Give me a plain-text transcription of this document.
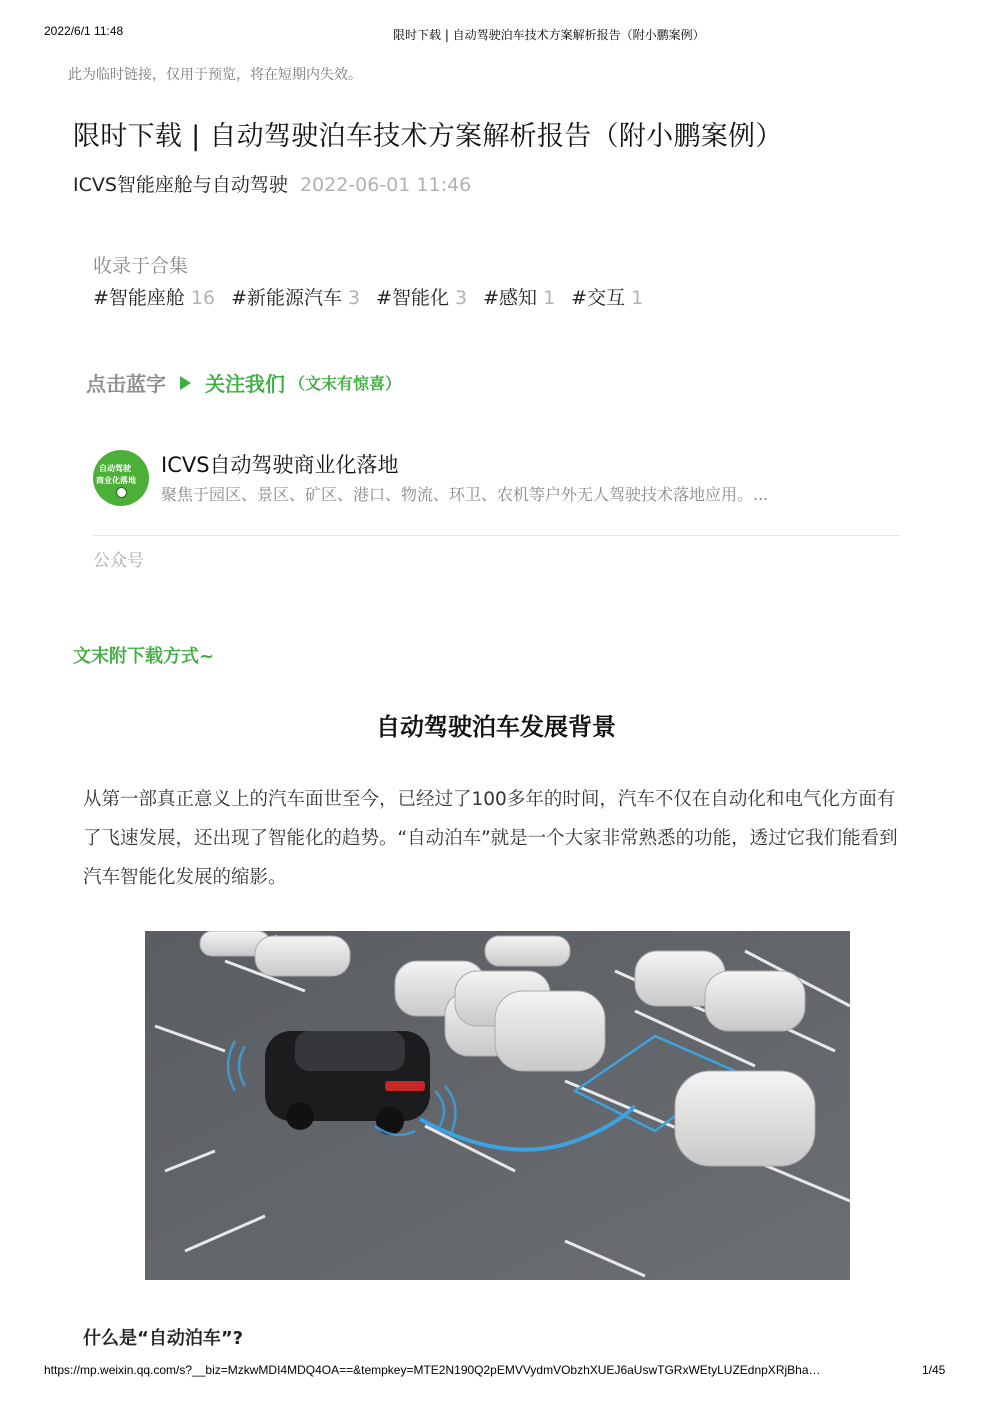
2022/6/1 11:48	限时下载 | 自动驾驶泊车技术方案解析报告（附小鹏案例）
此为临时链接，仅用于预览，将在短期内失效。
限时下载 | 自动驾驶泊车技术方案解析报告（附小鹏案例）
ICVS智能座舱与自动驾驶 2022-06-01 11:46
收录于合集
#智能座舱 16 #新能源汽车 3 #智能化 3 #感知 1 #交互 1
点击蓝字 关注我们 （文末有惊喜）
自动驾驶
商业化落地
ICVS自动驾驶商业化落地
聚焦于园区、景区、矿区、港口、物流、环卫、农机等户外无人驾驶技术落地应用。...
公众号
文末附下载方式~
自动驾驶泊车发展背景

从第一部真正意义上的汽车面世至今，已经过了100多年的时间，汽车不仅在自动化和电气化方面有了飞速发展，还出现了智能化的趋势。“自动泊车”就是一个大家非常熟悉的功能，透过它我们能看到汽车智能化发展的缩影。

什么是“自动泊车”?
https://mp.weixin.qq.com/s?__biz=MzkwMDI4MDQ4OA==&tempkey=MTE2N190Q2pEMVVydmVObzhXUEJ6aUswTGRxWEtyLUZEdnpXRjBha…	1/45
